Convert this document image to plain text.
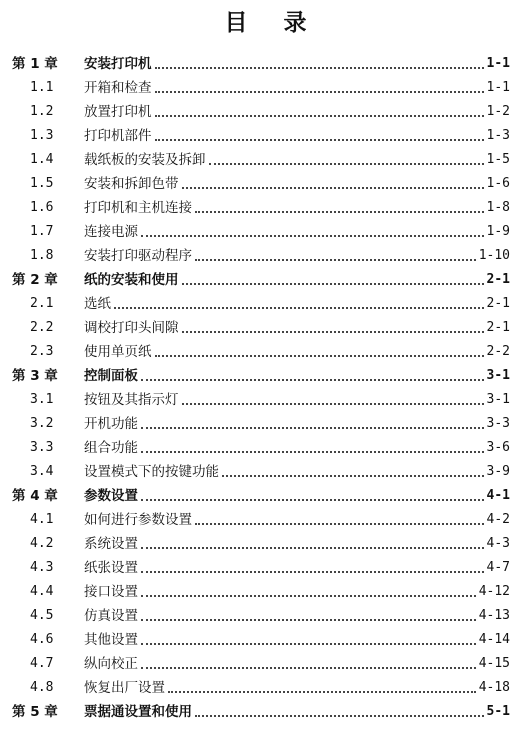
目 录
第 1 章	安装打印机	1-1
1.1	开箱和检查	1-1
1.2	放置打印机	1-2
1.3	打印机部件	1-3
1.4	载纸板的安装及拆卸	1-5
1.5	安装和拆卸色带	1-6
1.6	打印机和主机连接	1-8
1.7	连接电源	1-9
1.8	安装打印驱动程序	1-10
第 2 章	纸的安装和使用	2-1
2.1	选纸	2-1
2.2	调校打印头间隙	2-1
2.3	使用单页纸	2-2
第 3 章	控制面板	3-1
3.1	按钮及其指示灯	3-1
3.2	开机功能	3-3
3.3	组合功能	3-6
3.4	设置模式下的按键功能	3-9
第 4 章	参数设置	4-1
4.1	如何进行参数设置	4-2
4.2	系统设置	4-3
4.3	纸张设置	4-7
4.4	接口设置	4-12
4.5	仿真设置	4-13
4.6	其他设置	4-14
4.7	纵向校正	4-15
4.8	恢复出厂设置	4-18
第 5 章	票据通设置和使用	5-1
